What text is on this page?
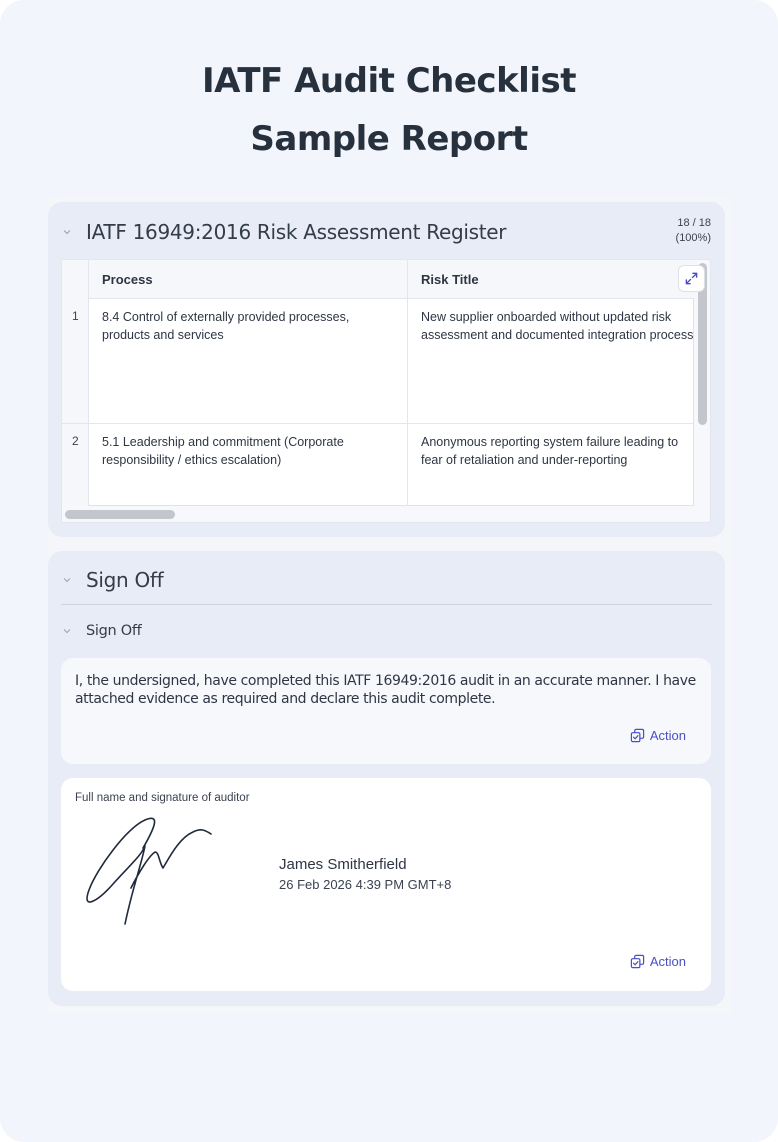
IATF Audit Checklist
Sample Report
IATF 16949:2016 Risk Assessment Register	18 / 18
(100%)
Process	Risk Title
1 8.4 Control of externally provided processes, products and services
New supplier onboarded without updated risk assessment and documented integration process
2 5.1 Leadership and commitment (Corporate responsibility / ethics escalation)
Anonymous reporting system failure leading to fear of retaliation and under-reporting
Sign Off
Sign Off
I, the undersigned, have completed this IATF 16949:2016 audit in an accurate manner. I have attached evidence as required and declare this audit complete.
Action
Full name and signature of auditor
James Smitherfield
26 Feb 2026 4:39 PM GMT+8
Action
